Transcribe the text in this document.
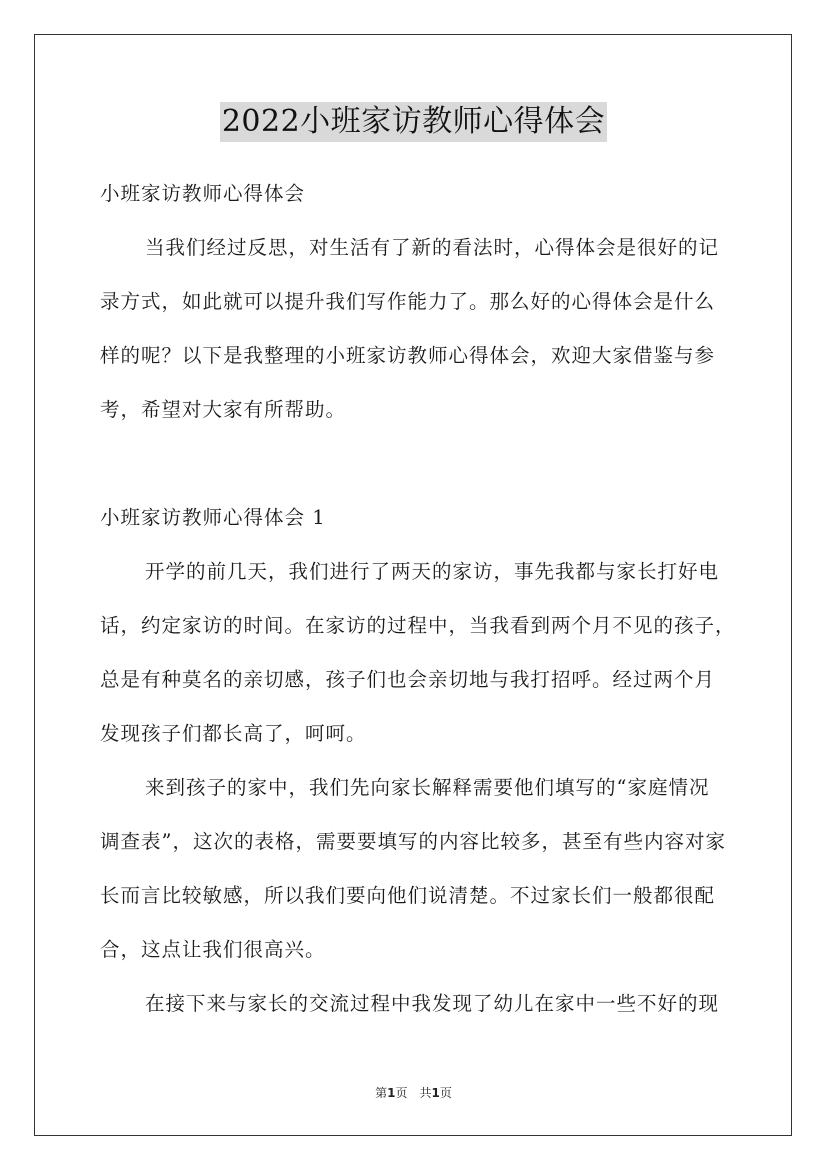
2022小班家访教师心得体会
小班家访教师心得体会
当我们经过反思，对生活有了新的看法时，心得体会是很好的记
录方式，如此就可以提升我们写作能力了。那么好的心得体会是什么
样的呢？以下是我整理的小班家访教师心得体会，欢迎大家借鉴与参
考，希望对大家有所帮助。
小班家访教师心得体会 1
开学的前几天，我们进行了两天的家访，事先我都与家长打好电
话，约定家访的时间。在家访的过程中，当我看到两个月不见的孩子，
总是有种莫名的亲切感，孩子们也会亲切地与我打招呼。经过两个月
发现孩子们都长高了，呵呵。
来到孩子的家中，我们先向家长解释需要他们填写的“家庭情况
调查表”，这次的表格，需要要填写的内容比较多，甚至有些内容对家
长而言比较敏感，所以我们要向他们说清楚。不过家长们一般都很配
合，这点让我们很高兴。
在接下来与家长的交流过程中我发现了幼儿在家中一些不好的现
第1页　共1页
